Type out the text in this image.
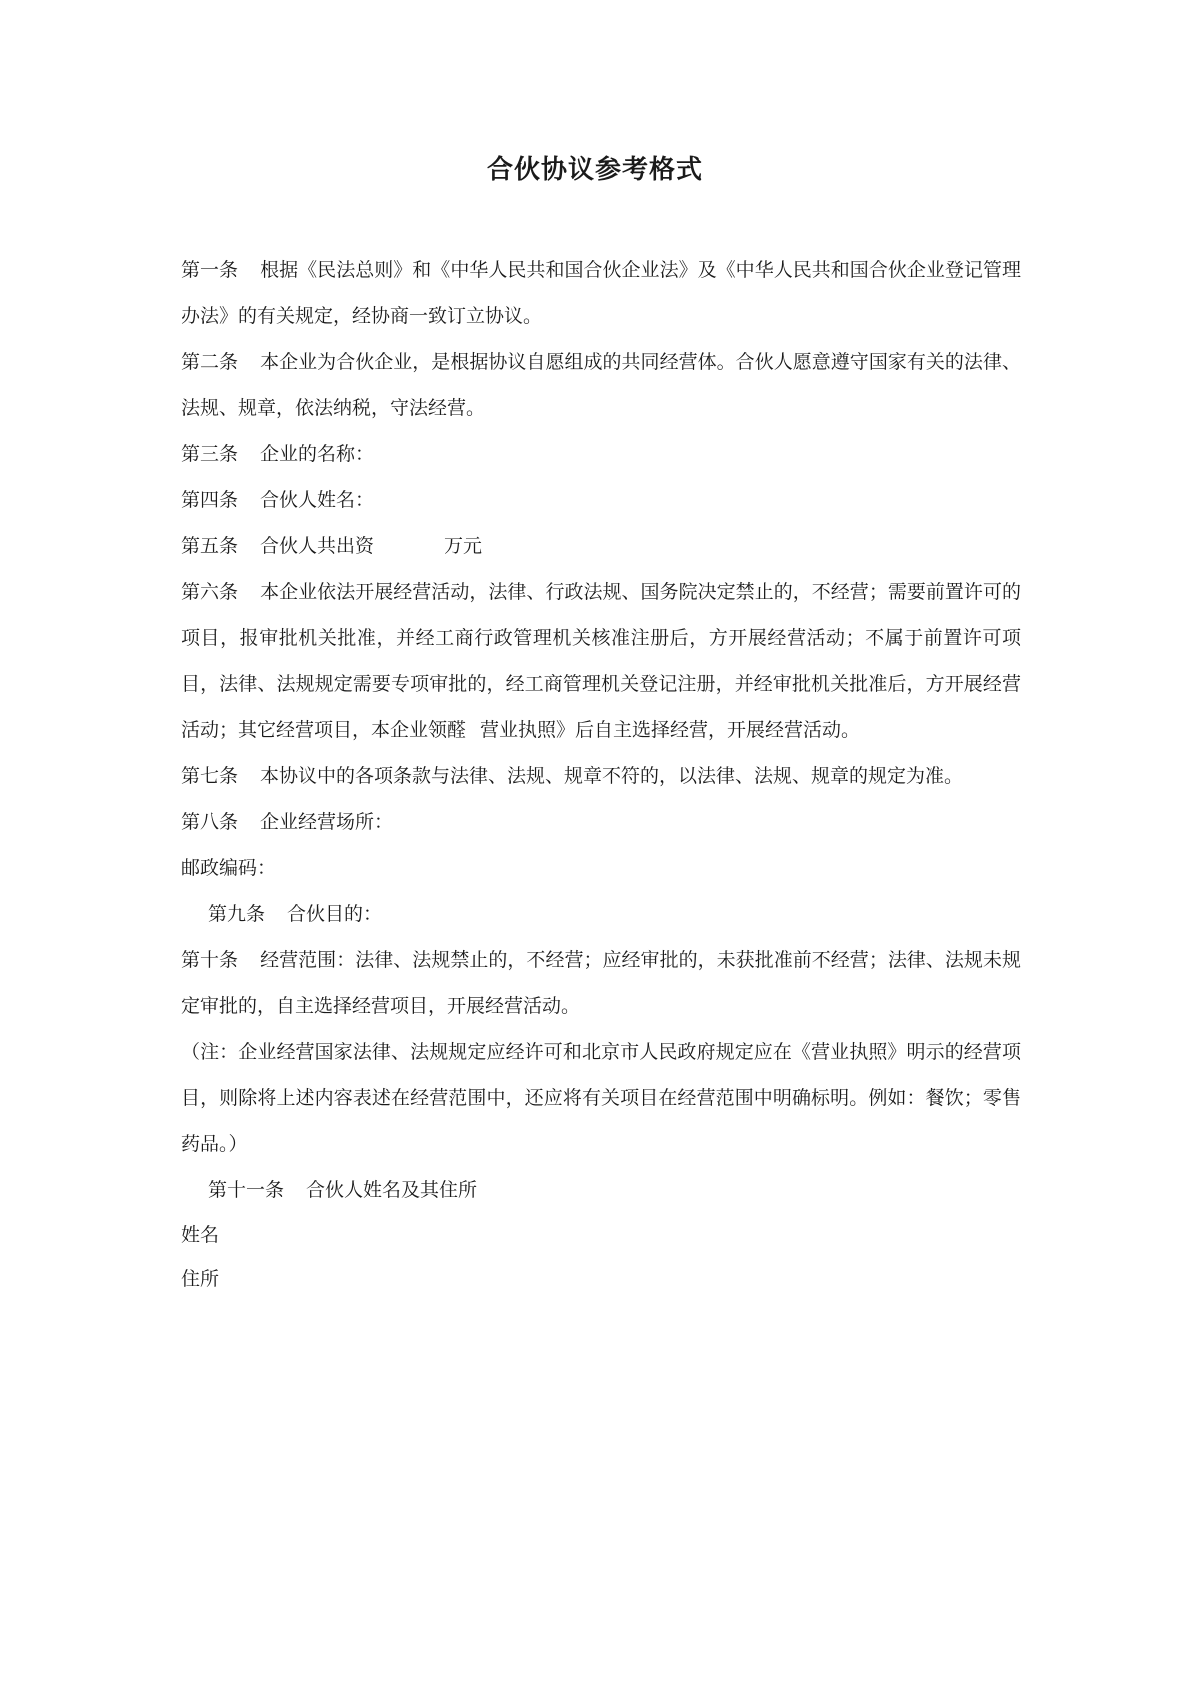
合伙协议参考格式

第一条 根据《民法总则》和《中华人民共和国合伙企业法》及《中华人民共和国合伙企业登记管理办法》的有关规定，经协商一致订立协议。

第二条 本企业为合伙企业，是根据协议自愿组成的共同经营体。合伙人愿意遵守国家有关的法律、法规、规章，依法纳税，守法经营。

第三条 企业的名称：

第四条 合伙人姓名：

第五条 合伙人共出资	万元

第六条 本企业依法开展经营活动，法律、行政法规、国务院决定禁止的，不经营；需要前置许可的项目，报审批机关批准，并经工商行政管理机关核准注册后，方开展经营活动；不属于前置许可项目，法律、法规规定需要专项审批的，经工商管理机关登记注册，并经审批机关批准后，方开展经营活动；其它经营项目，本企业领醛 营业执照》后自主选择经营，开展经营活动。

第七条 本协议中的各项条款与法律、法规、规章不符的，以法律、法规、规章的规定为准。

第八条 企业经营场所：

邮政编码：

第九条 合伙目的：

第十条 经营范围：法律、法规禁止的，不经营；应经审批的，未获批准前不经营；法律、法规未规定审批的，自主选择经营项目，开展经营活动。

（注：企业经营国家法律、法规规定应经许可和北京市人民政府规定应在《营业执照》明示的经营项目，则除将上述内容表述在经营范围中，还应将有关项目在经营范围中明确标明。例如：餐饮；零售药品。）

第十一条 合伙人姓名及其住所

姓名

住所
